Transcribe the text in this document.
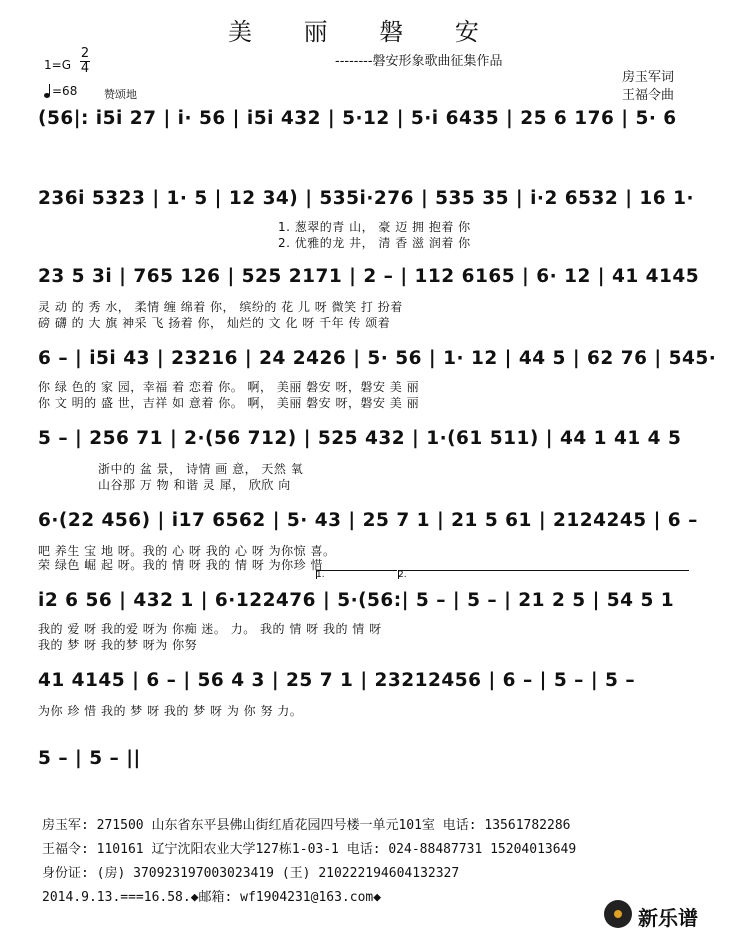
美 丽 磐 安
--------磐安形象歌曲征集作品
房玉军词
王福令曲
1=G
2
4
=68 赞颂地
(56|: i5i 27 | i· 56 | i5i 432 | 5·12 | 5·i 6435 | 25 6 176 | 5· 6
236i 5323 | 1· 5 | 12 34) | 535i·276 | 535 35 | i·2 6532 | 16 1·
1. 葱翠的青 山， 豪 迈 拥 抱着 你
2. 优雅的龙 井， 清 香 滋 润着 你
23 5 3i | 765 126 | 525 2171 | 2 – | 112 6165 | 6· 12 | 41 4145
灵 动 的 秀 水， 柔情 缠 绵着 你， 缤纷的 花 儿 呀 微笑 打 扮着
磅 礴 的 大 旗 神采 飞 扬着 你， 灿烂的 文 化 呀 千年 传 颂着
6 – | i5i 43 | 23216 | 24 2426 | 5· 56 | 1· 12 | 44 5 | 62 76 | 545·
你 绿 色的 家 园，幸福 着 恋着 你。 啊， 美丽 磐安 呀，磐安 美 丽
你 文 明的 盛 世，吉祥 如 意着 你。 啊， 美丽 磐安 呀，磐安 美 丽
5 – | 256 71 | 2·(56 712) | 525 432 | 1·(61 511) | 44 1 41 4 5
浙中的 盆 景， 诗情 画 意， 天然 氧
山谷那 万 物 和谐 灵 犀， 欣欣 向
6·(22 456) | i17 6562 | 5· 43 | 25 7 1 | 21 5 61 | 2124245 | 6 –
吧 养生 宝 地 呀。我的 心 呀 我的 心 呀 为你惊 喜。
荣 绿色 崛 起 呀。我的 情 呀 我的 情 呀 为你珍 惜
1.	2.
i2 6 56 | 432 1 | 6·122476 | 5·(56:| 5 – | 5 – | 21 2 5 | 54 5 1
我的 爱 呀 我的爱 呀为 你痴 迷。 力。 我的 情 呀 我的 情 呀
我的 梦 呀 我的梦 呀为 你努
41 4145 | 6 – | 56 4 3 | 25 7 1 | 23212456 | 6 – | 5 – | 5 –
为你 珍 惜 我的 梦 呀 我的 梦 呀 为 你 努 力。
5 – | 5 – ||
房玉军: 271500 山东省东平县佛山街红盾花园四号楼一单元101室 电话: 13561782286
王福令: 110161 辽宁沈阳农业大学127栋1-03-1 电话: 024-88487731 15204013649
身份证: (房) 370923197003023419 (王) 210222194604132327
2014.9.13.===16.58.◆邮箱: wf1904231@163.com◆
新乐谱
